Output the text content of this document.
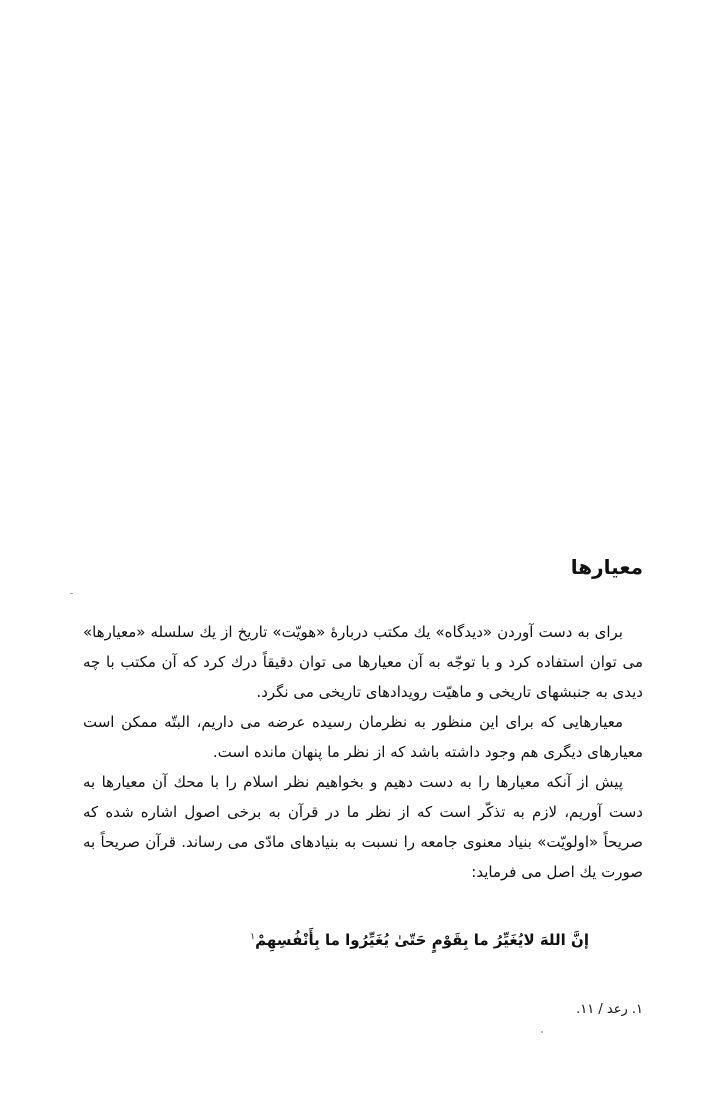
معیارها

برای به دست آوردن «دیدگاه» یك مكتب دربارهٔ «هویّت» تاریخ از یك سلسله «معیارها» می توان استفاده كرد و با توجّه به آن معیارها می توان دقیقاً درك كرد كه آن مکتب با چه دیدی به جنبشهای تاریخی و ماهیّت رویدادهای تاریخی می نگرد.

معیارهایی كه برای این منظور به نظرمان رسیده عرضه می داریم، البتّه ممكن است معیارهای دیگری هم وجود داشته باشد كه از نظر ما پنهان مانده است.

پیش از آنكه معیارها را به دست دهیم و بخواهیم نظر اسلام را با محك آن معیارها به دست آوریم، لازم به تذكّر است كه از نظر ما در قرآن به برخی اصول اشاره شده كه صریحاً «اولویّت» بنیاد معنوی جامعه را نسبت به بنیادهای مادّی می رساند. قرآن صریحاً به صورت یك اصل می فرماید:

إنَّ اللهَ لایُغَیِّرُ ما بِقَوْمٍ حَتّیٰ یُغَیِّرُوا ما بِأَنْفُسِهِمْ$^۱$
۱. رعد / ۱۱.
